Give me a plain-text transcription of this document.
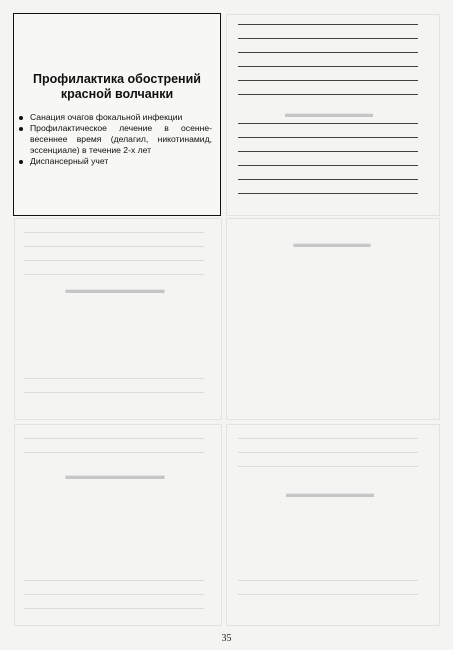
▬▬▬▬▬▬▬▬
▬▬▬▬▬▬▬
▬▬▬▬▬▬▬▬▬
▬▬▬▬▬▬▬▬▬
▬▬▬▬▬▬▬▬
Профилактика обострений
красной волчанки
Санация очагов фокальной инфекции
Профилактическое лечение в осенне-весеннее время (делагил, никотинамид, эссенциале) в течение 2-х лет
Диспансерный учет
35
